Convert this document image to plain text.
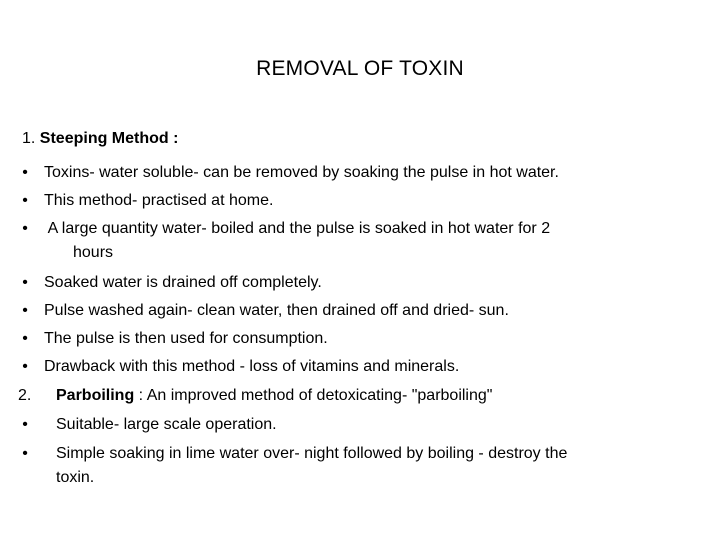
REMOVAL OF TOXIN
1. Steeping Method :
•	Toxins- water soluble- can be removed by soaking the pulse in hot water.
•	This method- practised at home.
•	A large quantity water- boiled and the pulse is soaked in hot water for 2
hours
•	Soaked water is drained off completely.
•	Pulse washed again- clean water, then drained off and dried- sun.
•	The pulse is then used for consumption.
•	Drawback with this method - loss of vitamins and minerals.
2. Parboiling : An improved method of detoxicating- "parboiling"
•	Suitable- large scale operation.
•	Simple soaking in lime water over- night followed by boiling - destroy the
toxin.
